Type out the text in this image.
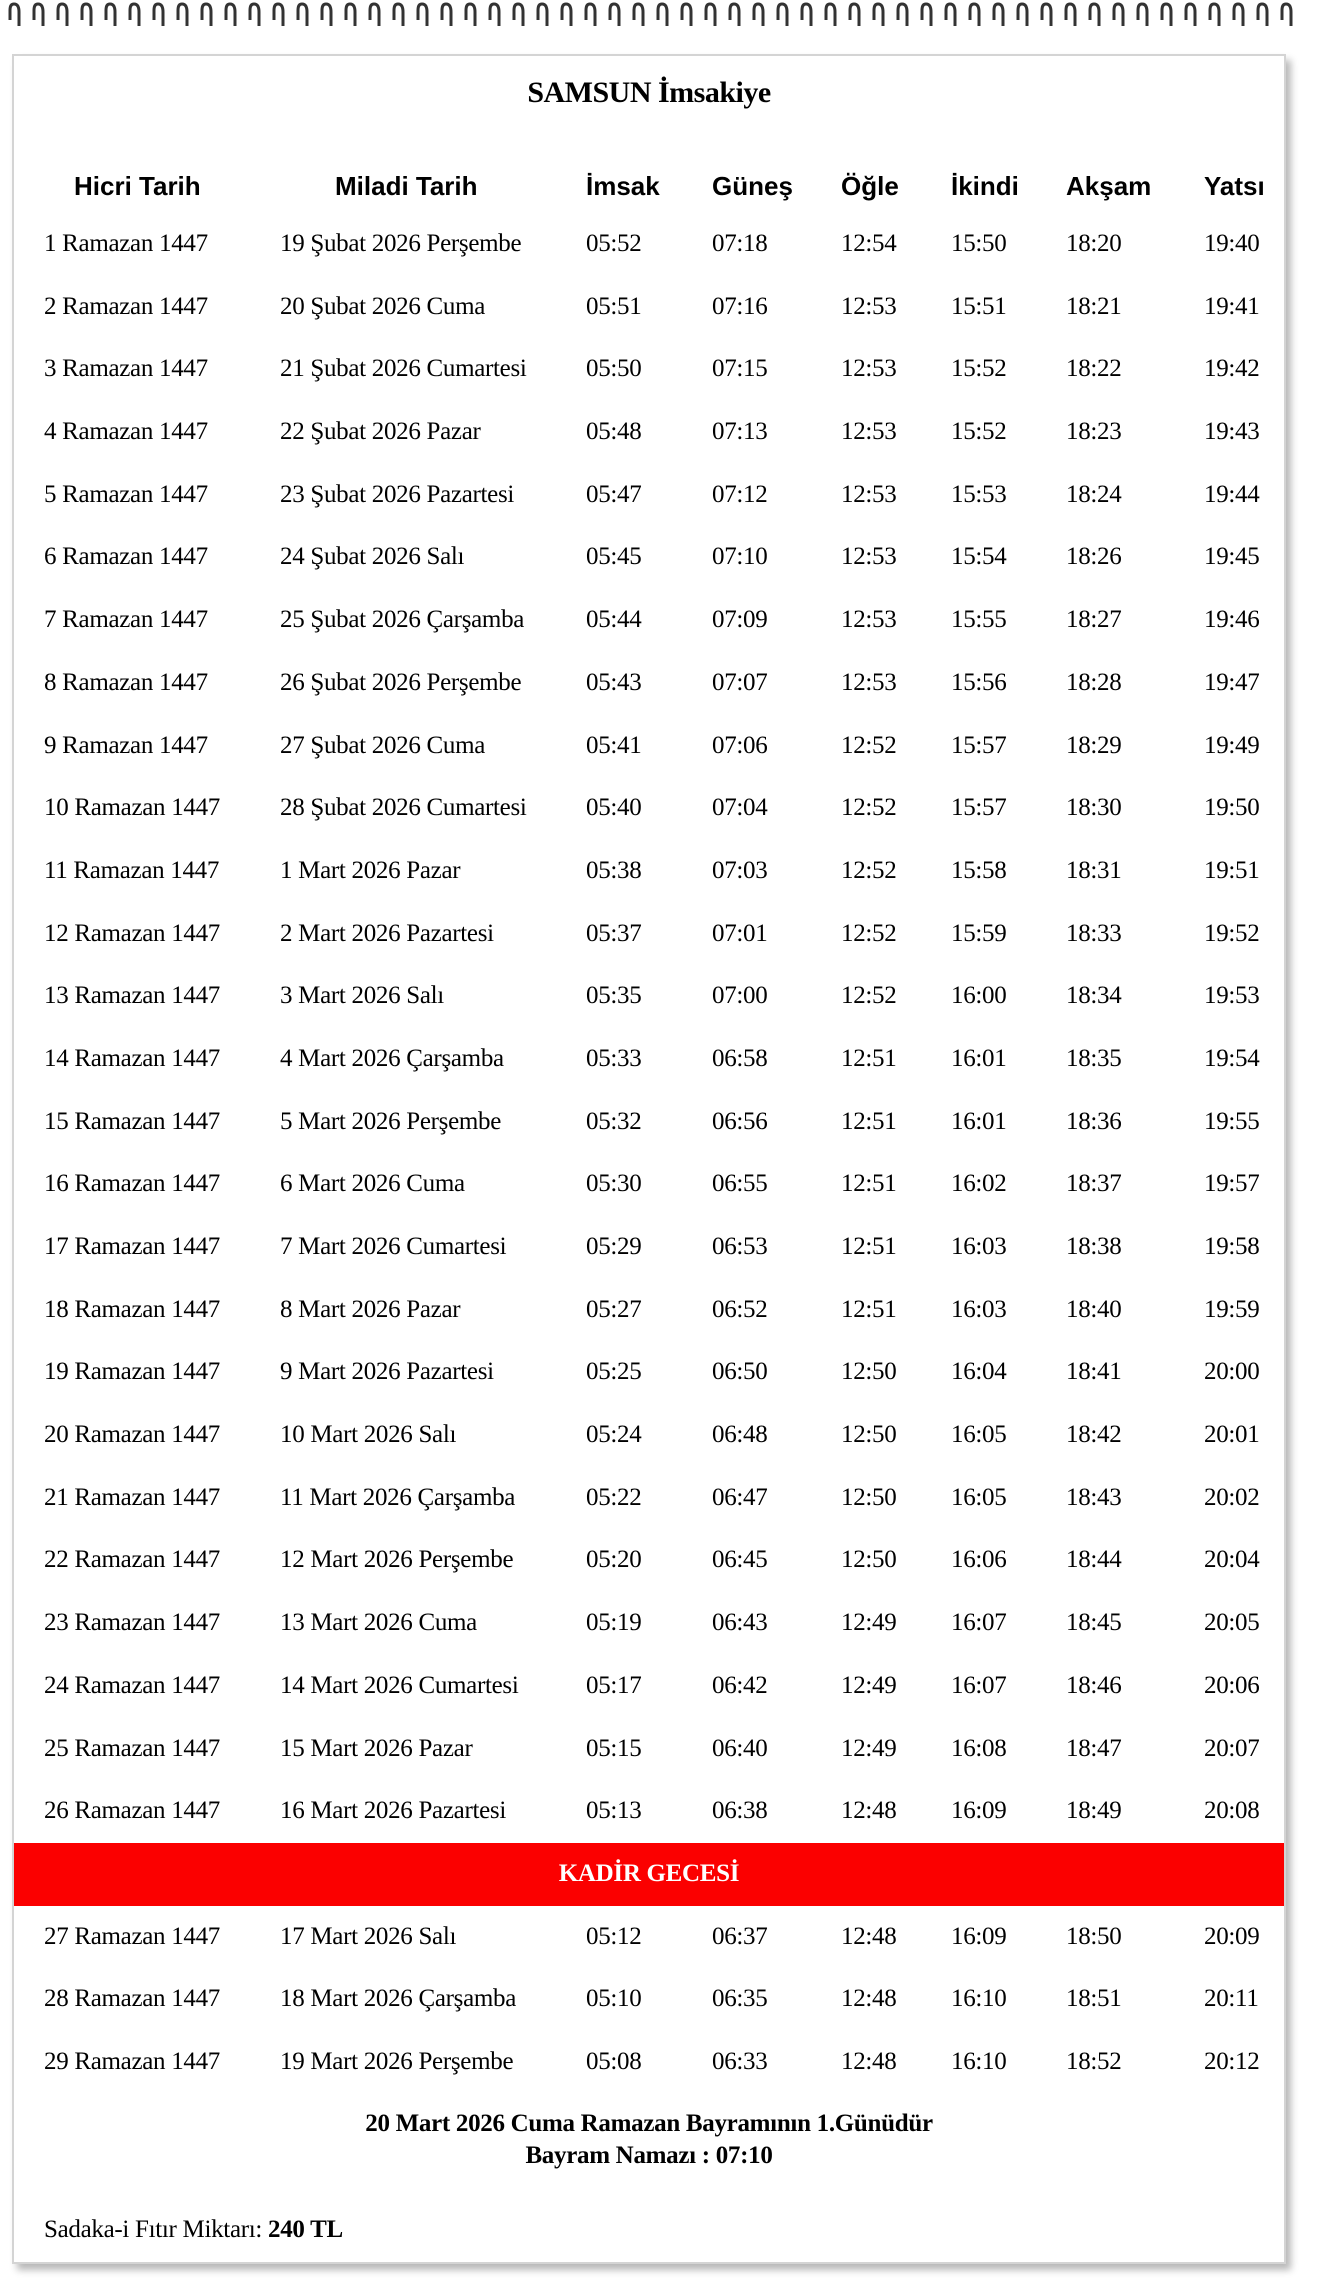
SAMSUN İmsakiye
Hicri Tarih	Miladi Tarih	İmsak Güneş Öğle İkindi Akşam Yatsı
1 Ramazan 1447	19 Şubat 2026 Perşembe	05:52	07:18	12:54 15:50 18:20	19:40
2 Ramazan 1447	20 Şubat 2026 Cuma	05:51	07:16	12:53 15:51 18:21	19:41
3 Ramazan 1447	21 Şubat 2026 Cumartesi 05:50	07:15	12:53 15:52 18:22	19:42
4 Ramazan 1447	22 Şubat 2026 Pazar	05:48	07:13	12:53 15:52 18:23	19:43
5 Ramazan 1447	23 Şubat 2026 Pazartesi	05:47	07:12	12:53 15:53 18:24	19:44
6 Ramazan 1447	24 Şubat 2026 Salı	05:45	07:10	12:53 15:54 18:26	19:45
7 Ramazan 1447	25 Şubat 2026 Çarşamba 05:44	07:09	12:53 15:55 18:27	19:46
8 Ramazan 1447	26 Şubat 2026 Perşembe	05:43	07:07	12:53 15:56 18:28	19:47
9 Ramazan 1447	27 Şubat 2026 Cuma	05:41	07:06	12:52 15:57 18:29	19:49
10 Ramazan 1447 28 Şubat 2026 Cumartesi 05:40	07:04	12:52 15:57 18:30	19:50
11 Ramazan 1447 1 Mart 2026 Pazar	05:38	07:03	12:52 15:58 18:31	19:51
12 Ramazan 1447 2 Mart 2026 Pazartesi	05:37	07:01	12:52 15:59 18:33	19:52
13 Ramazan 1447 3 Mart 2026 Salı	05:35	07:00	12:52 16:00 18:34	19:53
14 Ramazan 1447 4 Mart 2026 Çarşamba	05:33	06:58	12:51 16:01 18:35	19:54
15 Ramazan 1447 5 Mart 2026 Perşembe	05:32	06:56	12:51 16:01 18:36	19:55
16 Ramazan 1447 6 Mart 2026 Cuma	05:30	06:55	12:51 16:02 18:37	19:57
17 Ramazan 1447 7 Mart 2026 Cumartesi	05:29	06:53	12:51 16:03 18:38	19:58
18 Ramazan 1447 8 Mart 2026 Pazar	05:27	06:52	12:51 16:03 18:40	19:59
19 Ramazan 1447 9 Mart 2026 Pazartesi	05:25	06:50	12:50 16:04 18:41	20:00
20 Ramazan 1447 10 Mart 2026 Salı	05:24	06:48	12:50 16:05 18:42	20:01
21 Ramazan 1447 11 Mart 2026 Çarşamba	05:22	06:47	12:50 16:05 18:43	20:02
22 Ramazan 1447 12 Mart 2026 Perşembe	05:20	06:45	12:50 16:06 18:44	20:04
23 Ramazan 1447 13 Mart 2026 Cuma	05:19	06:43	12:49 16:07 18:45	20:05
24 Ramazan 1447 14 Mart 2026 Cumartesi	05:17	06:42	12:49 16:07 18:46	20:06
25 Ramazan 1447 15 Mart 2026 Pazar	05:15	06:40	12:49 16:08 18:47	20:07
26 Ramazan 1447 16 Mart 2026 Pazartesi	05:13	06:38	12:48 16:09 18:49	20:08
KADİR GECESİ
27 Ramazan 1447 17 Mart 2026 Salı	05:12	06:37	12:48 16:09 18:50	20:09
28 Ramazan 1447 18 Mart 2026 Çarşamba	05:10	06:35	12:48 16:10 18:51	20:11
29 Ramazan 1447 19 Mart 2026 Perşembe	05:08	06:33	12:48 16:10 18:52	20:12
20 Mart 2026 Cuma Ramazan Bayramının 1.Günüdür
Bayram Namazı : 07:10
Sadaka-i Fıtır Miktarı: 240 TL
